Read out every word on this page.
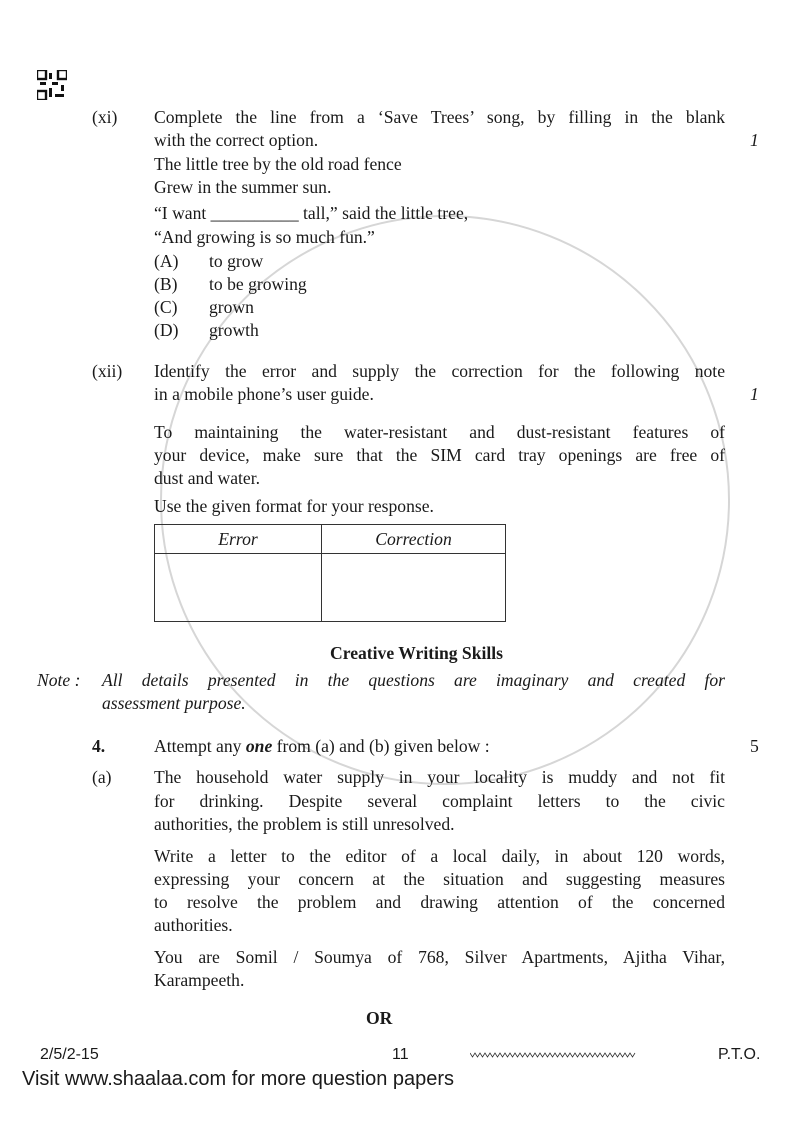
(xi) Complete the line from a ‘Save Trees’ song, by filling in the blank
with the correct option.	1
The little tree by the old road fence
Grew in the summer sun.
“I want __________ tall,” said the little tree,
“And growing is so much fun.”
(A) to grow
(B) to be growing
(C) grown
(D) growth
(xii) Identify the error and supply the correction for the following note
in a mobile phone’s user guide.	1
To maintaining the water-resistant and dust-resistant features of
your device, make sure that the SIM card tray openings are free of
dust and water.
Use the given format for your response.
Error	Correction

Creative Writing Skills
Note : All details presented in the questions are imaginary and created for
assessment purpose.
4.	Attempt any one from (a) and (b) given below :	5
(a) The household water supply in your locality is muddy and not fit
for drinking. Despite several complaint letters to the civic
authorities, the problem is still unresolved.
Write a letter to the editor of a local daily, in about 120 words,
expressing your concern at the situation and suggesting measures
to resolve the problem and drawing attention of the concerned
authorities.
You are Somil / Soumya of 768, Silver Apartments, Ajitha Vihar,
Karampeeth.
OR
2/5/2-15	11	P.T.O.
Visit www.shaalaa.com for more question papers
